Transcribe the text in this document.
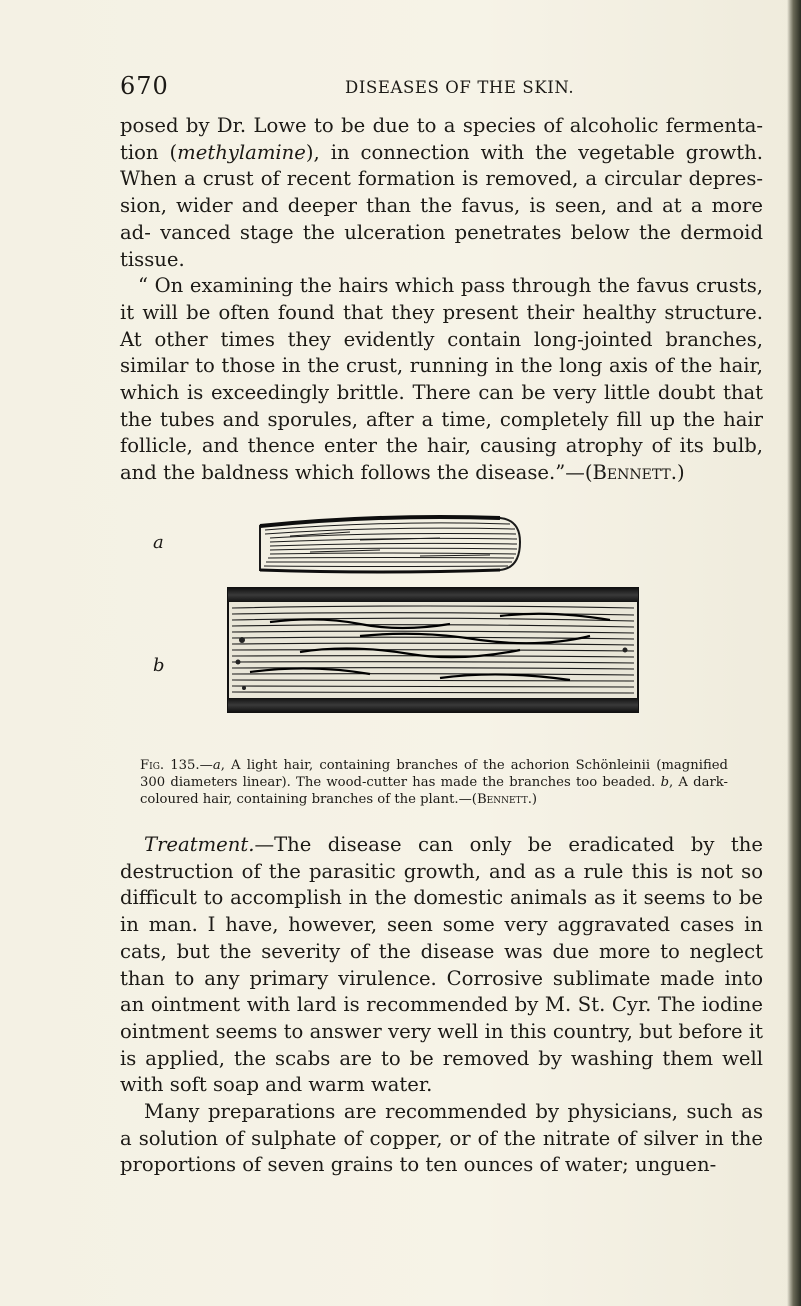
670	DISEASES OF THE SKIN.

posed by Dr. Lowe to be due to a species of alcoholic fermenta- tion (methylamine), in connection with the vegetable growth. When a crust of recent formation is removed, a circular depres- sion, wider and deeper than the favus, is seen, and at a more ad- vanced stage the ulceration penetrates below the dermoid tissue.

“ On examining the hairs which pass through the favus crusts, it will be often found that they present their healthy structure. At other times they evidently contain long-jointed branches, similar to those in the crust, running in the long axis of the hair, which is exceedingly brittle. There can be very little doubt that the tubes and sporules, after a time, completely fill up the hair follicle, and thence enter the hair, causing atrophy of its bulb, and the baldness which follows the disease.”—(Bennett.)

a
b
Fig. 135.—a, A light hair, containing branches of the achorion Schönleinii (magnified 300 diameters linear). The wood-cutter has made the branches too beaded. b, A dark-coloured hair, containing branches of the plant.—(Bennett.)

Treatment.—The disease can only be eradicated by the destruction of the parasitic growth, and as a rule this is not so difficult to accomplish in the domestic animals as it seems to be in man. I have, however, seen some very aggravated cases in cats, but the severity of the disease was due more to neglect than to any primary virulence. Corrosive sublimate made into an ointment with lard is recommended by M. St. Cyr. The iodine ointment seems to answer very well in this country, but before it is applied, the scabs are to be removed by washing them well with soft soap and warm water.

Many preparations are recommended by physicians, such as a solution of sulphate of copper, or of the nitrate of silver in the proportions of seven grains to ten ounces of water; unguen-
